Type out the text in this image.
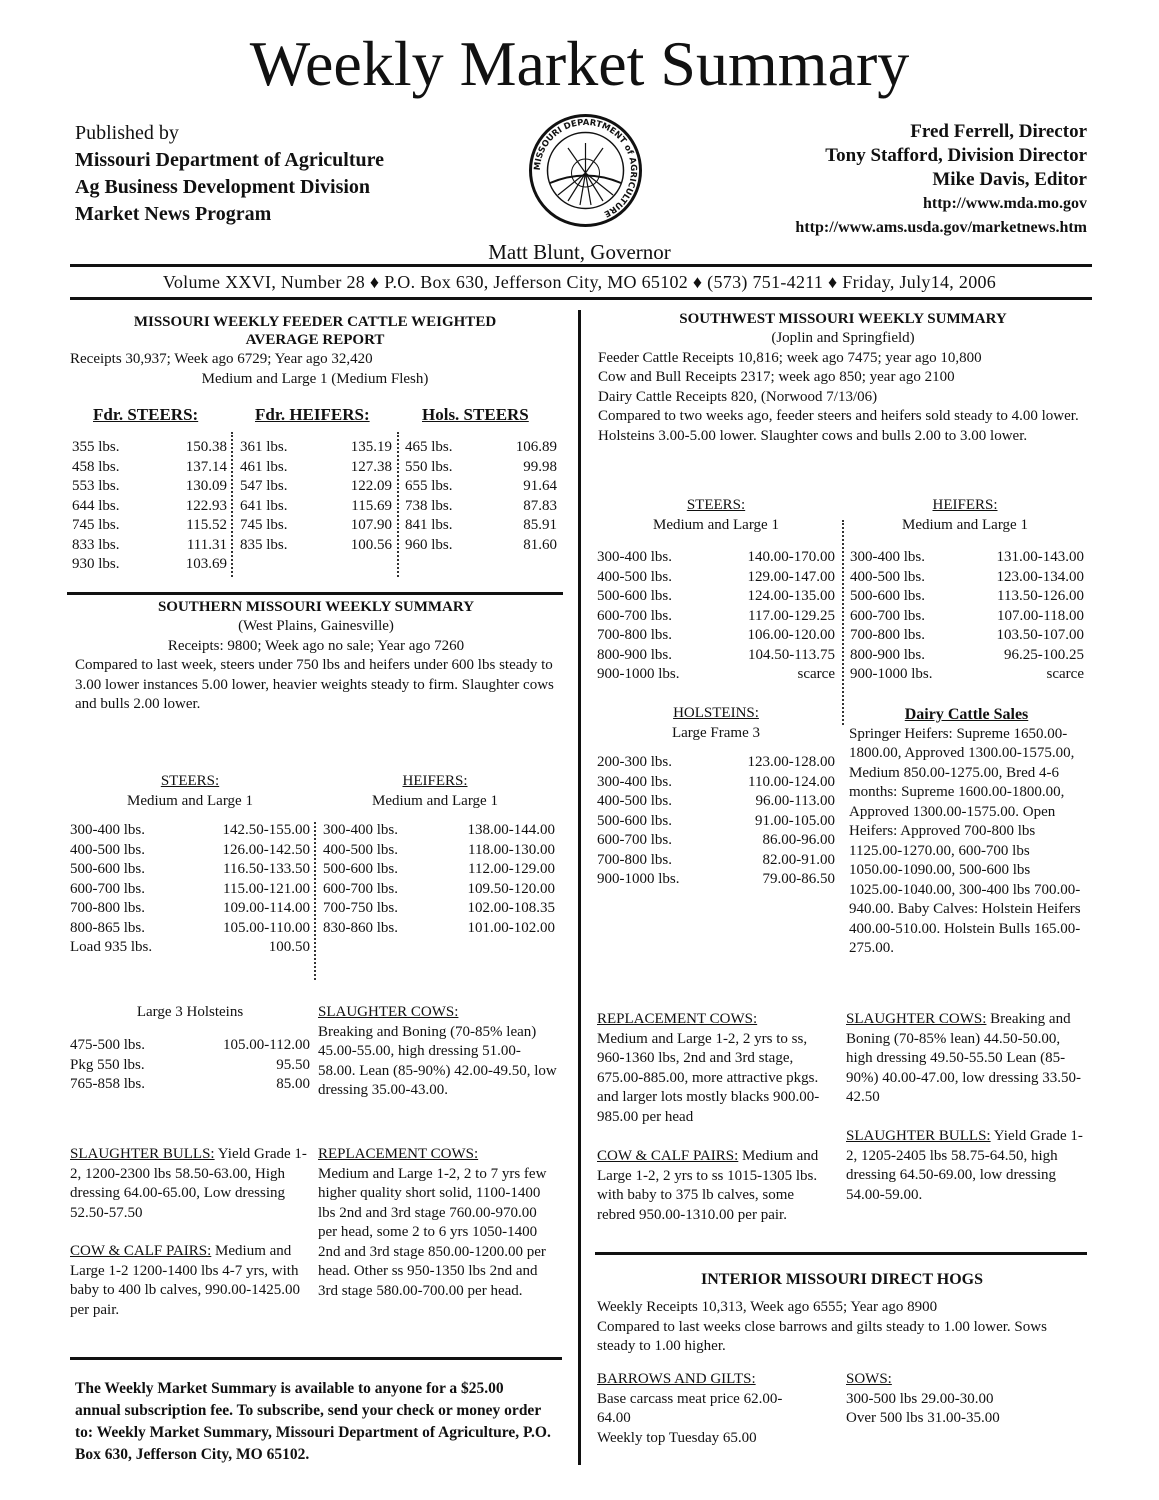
Weekly Market Summary
Published by
Missouri Department of Agriculture
Ag Business Development Division
Market News Program
MISSOURI DEPARTMENT of AGRICULTURE
Fred Ferrell, Director
Tony Stafford, Division Director
Mike Davis, Editor
http://www.mda.mo.gov
http://www.ams.usda.gov/marketnews.htm
Matt Blunt, Governor
Volume XXVI, Number 28 ♦ P.O. Box 630, Jefferson City, MO 65102 ♦ (573) 751-4211 ♦ Friday, July14, 2006
MISSOURI WEEKLY FEEDER CATTLE WEIGHTED
AVERAGE REPORT
Receipts 30,937; Week ago 6729; Year ago 32,420
Medium and Large 1 (Medium Flesh)
Fdr. STEERS:	Fdr. HEIFERS:	Hols. STEERS
355 lbs.	150.38
458 lbs.	137.14
553 lbs.	130.09
644 lbs.	122.93
745 lbs.	115.52
833 lbs.	111.31
930 lbs.	103.69
361 lbs.	135.19
461 lbs.	127.38
547 lbs.	122.09
641 lbs.	115.69
745 lbs.	107.90
835 lbs.	100.56
465 lbs.	106.89
550 lbs.	99.98
655 lbs.	91.64
738 lbs.	87.83
841 lbs.	85.91
960 lbs.	81.60
SOUTHERN MISSOURI WEEKLY SUMMARY
(West Plains, Gainesville)
Receipts: 9800; Week ago no sale; Year ago 7260
Compared to last week, steers under 750 lbs and heifers under 600 lbs steady to 3.00 lower instances 5.00 lower, heavier weights steady to firm. Slaughter cows and bulls 2.00 lower.
STEERS:
Medium and Large 1
HEIFERS:
Medium and Large 1
300-400 lbs.	142.50-155.00
400-500 lbs.	126.00-142.50
500-600 lbs.	116.50-133.50
600-700 lbs.	115.00-121.00
700-800 lbs.	109.00-114.00
800-865 lbs.	105.00-110.00
Load 935 lbs.	100.50
300-400 lbs.	138.00-144.00
400-500 lbs.	118.00-130.00
500-600 lbs.	112.00-129.00
600-700 lbs.	109.50-120.00
700-750 lbs.	102.00-108.35
830-860 lbs.	101.00-102.00
Large 3 Holsteins
475-500 lbs.	105.00-112.00
Pkg 550 lbs.	95.50
765-858 lbs.	85.00
SLAUGHTER COWS:
Breaking and Boning (70-85% lean) 45.00-55.00, high dressing 51.00-58.00. Lean (85-90%) 42.00-49.50, low dressing 35.00-43.00.
SLAUGHTER BULLS: Yield Grade 1-2, 1200-2300 lbs 58.50-63.00, High dressing 64.00-65.00, Low dressing 52.50-57.50
COW & CALF PAIRS: Medium and Large 1-2 1200-1400 lbs 4-7 yrs, with baby to 400 lb calves, 990.00-1425.00 per pair.
REPLACEMENT COWS:
Medium and Large 1-2, 2 to 7 yrs few higher quality short solid, 1100-1400 lbs 2nd and 3rd stage 760.00-970.00 per head, some 2 to 6 yrs 1050-1400 2nd and 3rd stage 850.00-1200.00 per head. Other ss 950-1350 lbs 2nd and 3rd stage 580.00-700.00 per head.
The Weekly Market Summary is available to anyone for a $25.00 annual subscription fee. To subscribe, send your check or money order to: Weekly Market Summary, Missouri Department of Agriculture, P.O. Box 630, Jefferson City, MO 65102.
SOUTHWEST MISSOURI WEEKLY SUMMARY
(Joplin and Springfield)
Feeder Cattle Receipts 10,816; week ago 7475; year ago 10,800
Cow and Bull Receipts 2317; week ago 850; year ago 2100
Dairy Cattle Receipts 820, (Norwood 7/13/06)
Compared to two weeks ago, feeder steers and heifers sold steady to 4.00 lower. Holsteins 3.00-5.00 lower. Slaughter cows and bulls 2.00 to 3.00 lower.
STEERS:
Medium and Large 1
HEIFERS:
Medium and Large 1
300-400 lbs.	140.00-170.00
400-500 lbs.	129.00-147.00
500-600 lbs.	124.00-135.00
600-700 lbs.	117.00-129.25
700-800 lbs.	106.00-120.00
800-900 lbs.	104.50-113.75
900-1000 lbs.	scarce
300-400 lbs.	131.00-143.00
400-500 lbs.	123.00-134.00
500-600 lbs.	113.50-126.00
600-700 lbs.	107.00-118.00
700-800 lbs.	103.50-107.00
800-900 lbs.	96.25-100.25
900-1000 lbs.	scarce
HOLSTEINS:
Large Frame 3
200-300 lbs.	123.00-128.00
300-400 lbs.	110.00-124.00
400-500 lbs.	96.00-113.00
500-600 lbs.	91.00-105.00
600-700 lbs.	86.00-96.00
700-800 lbs.	82.00-91.00
900-1000 lbs.	79.00-86.50
Dairy Cattle Sales
Springer Heifers: Supreme 1650.00-1800.00, Approved 1300.00-1575.00, Medium 850.00-1275.00, Bred 4-6 months: Supreme 1600.00-1800.00, Approved 1300.00-1575.00. Open Heifers: Approved 700-800 lbs 1125.00-1270.00, 600-700 lbs 1050.00-1090.00, 500-600 lbs 1025.00-1040.00, 300-400 lbs 700.00-940.00. Baby Calves: Holstein Heifers 400.00-510.00. Holstein Bulls 165.00-275.00.
REPLACEMENT COWS:
Medium and Large 1-2, 2 yrs to ss, 960-1360 lbs, 2nd and 3rd stage, 675.00-885.00, more attractive pkgs. and larger lots mostly blacks 900.00-985.00 per head
COW & CALF PAIRS: Medium and Large 1-2, 2 yrs to ss 1015-1305 lbs. with baby to 375 lb calves, some rebred 950.00-1310.00 per pair.
SLAUGHTER COWS: Breaking and Boning (70-85% lean) 44.50-50.00, high dressing 49.50-55.50 Lean (85-90%) 40.00-47.00, low dressing 33.50-42.50
SLAUGHTER BULLS: Yield Grade 1-2, 1205-2405 lbs 58.75-64.50, high dressing 64.50-69.00, low dressing 54.00-59.00.
INTERIOR MISSOURI DIRECT HOGS
Weekly Receipts 10,313, Week ago 6555; Year ago 8900
Compared to last weeks close barrows and gilts steady to 1.00 lower. Sows steady to 1.00 higher.
BARROWS AND GILTS:
Base carcass meat price 62.00-64.00
Weekly top Tuesday 65.00
SOWS:
300-500 lbs 29.00-30.00
Over 500 lbs 31.00-35.00
